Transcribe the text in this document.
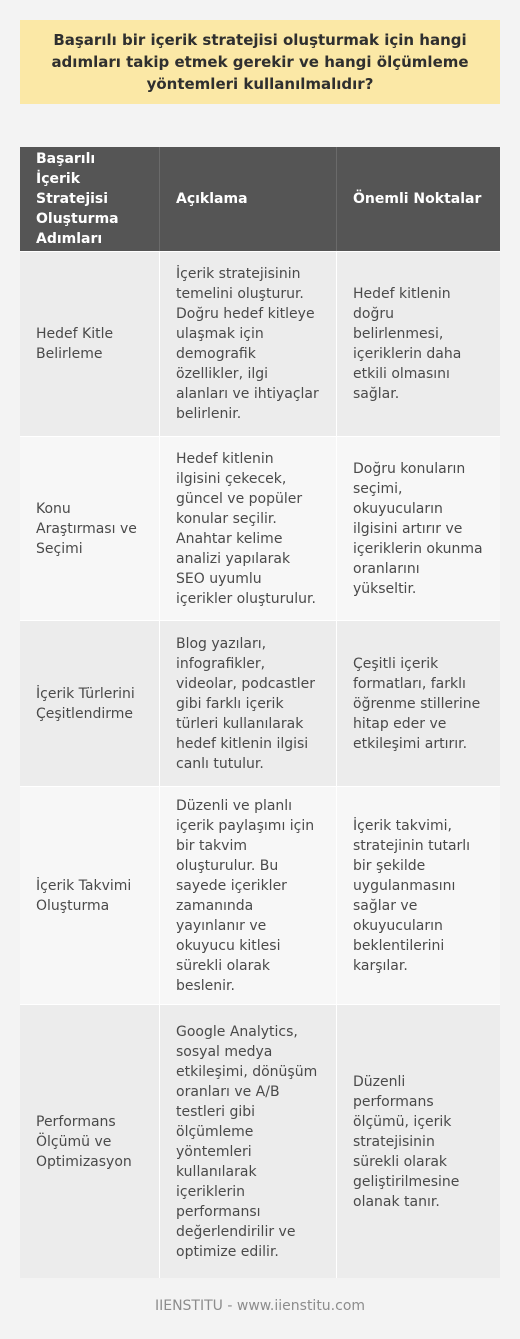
Başarılı bir içerik stratejisi oluşturmak için hangi adımları takip etmek gerekir ve hangi ölçümleme yöntemleri kullanılmalıdır?
Başarılı İçerik Stratejisi Oluşturma Adımları	Açıklama	Önemli Noktalar
Hedef Kitle Belirleme	İçerik stratejisinin temelini oluşturur. Doğru hedef kitleye ulaşmak için demografik özellikler, ilgi alanları ve ihtiyaçlar belirlenir.	Hedef kitlenin doğru belirlenmesi, içeriklerin daha etkili olmasını sağlar.
Konu Araştırması ve Seçimi	Hedef kitlenin ilgisini çekecek, güncel ve popüler konular seçilir. Anahtar kelime analizi yapılarak SEO uyumlu içerikler oluşturulur.	Doğru konuların seçimi, okuyucuların ilgisini artırır ve içeriklerin okunma oranlarını yükseltir.
İçerik Türlerini Çeşitlendirme	Blog yazıları, infografikler, videolar, podcastler gibi farklı içerik türleri kullanılarak hedef kitlenin ilgisi canlı tutulur.	Çeşitli içerik formatları, farklı öğrenme stillerine hitap eder ve etkileşimi artırır.
İçerik Takvimi Oluşturma	Düzenli ve planlı içerik paylaşımı için bir takvim oluşturulur. Bu sayede içerikler zamanında yayınlanır ve okuyucu kitlesi sürekli olarak beslenir.	İçerik takvimi, stratejinin tutarlı bir şekilde uygulanmasını sağlar ve okuyucuların beklentilerini karşılar.
Performans Ölçümü ve Optimizasyon	Google Analytics, sosyal medya etkileşimi, dönüşüm oranları ve A/B testleri gibi ölçümleme yöntemleri kullanılarak içeriklerin performansı değerlendirilir ve optimize edilir.	Düzenli performans ölçümü, içerik stratejisinin sürekli olarak geliştirilmesine olanak tanır.
IIENSTITU - www.iienstitu.com
